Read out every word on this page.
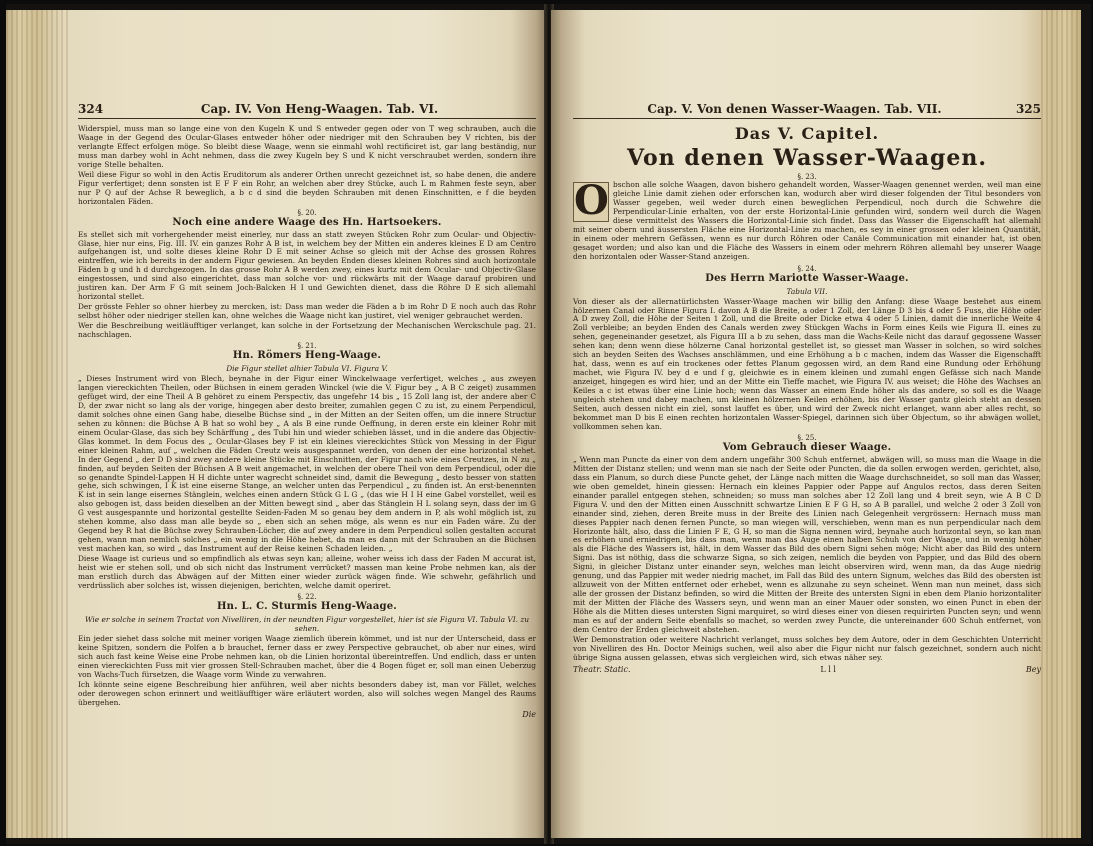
324	Cap. IV. Von Heng-Waagen. Tab. VI.

Widerspiel, muss man so lange eine von den Kugeln K und S entweder gegen oder von T weg schrauben, auch die Waage in der Gegend des Ocular-Glases entweder höher oder niedriger mit den Schrauben bey V richten, bis der verlangte Effect erfolgen möge. So bleibt diese Waage, wenn sie einmahl wohl rectificiret ist, gar lang beständig, nur muss man darbey wohl in Acht nehmen, dass die zwey Kugeln bey S und K nicht verschraubet werden, sondern ihre vorige Stelle behalten.

Weil diese Figur so wohl in den Actis Eruditorum als anderer Orthen unrecht gezeichnet ist, so habe denen, die andere Figur verfertiget; denn sonsten ist E F F ein Rohr, an welchen aber drey Stücke, auch L m Rahmen feste seyn, aber nur P Q auf der Achse R beweglich, a b c d sind die beyden Schrauben mit denen Einschnitten, e f die beyden horizontalen Fäden.

§. 20.
Noch eine andere Waage des Hn. Hartsoekers.

Es stellet sich mit vorhergehender meist einerley, nur dass an statt zweyen Stücken Rohr zum Ocular- und Objectiv-Glase, hier nur eins, Fig. III. IV. ein ganzes Rohr A B ist, in welchem bey der Mitten ein anderes kleines E D am Centro aufgehangen ist, und solte dieses kleine Rohr D E mit seiner Achse so gleich mit der Achse des grossen Rohres eintreffen, wie ich bereits in der andern Figur gewiesen. An beyden Enden dieses kleinen Rohres sind auch horizontale Fäden b g und h d durchgezogen. In das grosse Rohr A B werden zwey, eines kurtz mit dem Ocular- und Objectiv-Glase eingestossen, und sind also eingerichtet, dass man solche vor- und rückwärts mit der Waage darauf probiren und justiren kan. Der Arm F G mit seinem Joch-Balcken H I und Gewichten dienet, dass die Röhre D E sich allemahl horizontal stellet.

Der grösste Fehler so ohner hierbey zu mercken, ist: Dass man weder die Fäden a b im Rohr D E noch auch das Rohr selbst höher oder niedriger stellen kan, ohne welches die Waage nicht kan justiret, viel weniger gebrauchet werden.

Wer die Beschreibung weitläufftiger verlanget, kan solche in der Fortsetzung der Mechanischen Werckschule pag. 21. nachschlagen.

§. 21.
Hn. Römers Heng-Waage.
Die Figur stellet alhier Tabula VI. Figura V.

„ Dieses Instrument wird von Blech, beynahe in der Figur einer Winckelwaage verfertiget, welches „ aus zweyen langen viereckichten Theilen, oder Büchsen in einem geraden Winckel (wie die V. Figur bey „ A B C zeiget) zusammen gefüget wird, der eine Theil A B gehöret zu einem Perspectiv, das ungefehr 14 bis „ 15 Zoll lang ist, der andere aber C D, der zwar nicht so lang als der vorige, hingegen aber desto breiter, zumahlen gegen C zu ist, zu einem Perpendicul, damit solches ohne einen Gang habe, dieselbe Büchse sind „ in der Mitten an der Seiten offen, um die innere Structur sehen zu können: die Büchse A B hat so wohl bey „ A als B eine runde Oeffnung, in deren erste ein kleiner Rohr mit einem Ocular-Glase, das sich bey Schärffung „ des Tubi hin und wieder schieben lässet, und in die andere das Objectiv-Glas kommet. In dem Focus des „ Ocular-Glases bey F ist ein kleines viereckichtes Stück von Messing in der Figur einer kleinen Rahm, auf „ welchen die Fäden Creutz weis ausgespannet werden, von denen der eine horizontal stehet. In der Gegend „ der D D sind zwey andere kleine Stücke mit Einschnitten, der Figur nach wie eines Creutzes, in N zu „ finden, auf beyden Seiten der Büchsen A B weit angemachet, in welchen der obere Theil von dem Perpendicul, oder die so genandte Spindel-Lappen H H dichte unter wagrecht schneidet sind, damit die Bewegung „ desto besser von statten gehe, sich schwingen, I K ist eine eiserne Stange, an welcher unten das Perpendicul „ zu finden ist. An erst-benennten K ist in sein lange eisernes Stänglein, welches einen andern Stück G L G „ (das wie H I H eine Gabel vorstellet, weil es also gebogen ist, dass beiden dieselben an der Mitten bewegt sind „ aber das Stänglein H L solang seyn, dass der im G G vest ausgespannte und horizontal gestellte Seiden-Faden M so genau bey dem andern in P, als wohl möglich ist, zu stehen komme, also dass man alle beyde so „ eben sich an sehen möge, als wenn es nur ein Faden wäre. Zu der Gegend bey R hat die Büchse zwey Schrauben-Löcher, die auf zwey andere in dem Perpendicul sollen gestalten accurat gehen, wann man nemlich solches „ ein wenig in die Höhe hebet, da man es dann mit der Schrauben an die Büchsen vest machen kan, so wird „ das Instrument auf der Reise keinen Schaden leiden. „

Diese Waage ist curieus und so empfindlich als etwas seyn kan; alleine, woher weiss ich dass der Faden M accurat ist, heist wie er stehen soll, und ob sich nicht das Instrument verrücket? massen man keine Probe nehmen kan, als der man erstlich durch das Abwägen auf der Mitten einer wieder zurück wägen finde. Wie schwehr, gefährlich und verdrüsslich aber solches ist, wissen diejenigen, berichten, welche damit operiret.

§. 22.
Hn. L. C. Sturmis Heng-Waage.
Wie er solche in seinem Tractat von Nivelliren, in der neundten Figur vorgestellet, hier ist sie Figura VI. Tabula VI. zu sehen.

Ein jeder siehet dass solche mit meiner vorigen Waage ziemlich überein kömmet, und ist nur der Unterscheid, dass er keine Spitzen, sondern die Polfen a b brauchet, ferner dass er zwey Perspective gebrauchet, ob aber nur eines, wird sich auch fast keine Weise eine Probe nehmen kan, ob die Linien horizontal übereintreffen. Und endlich, dass er unten einen viereckichten Fuss mit vier grossen Stell-Schrauben machet, über die 4 Bogen füget er, soll man einen Ueberzug von Wachs-Tuch fürsetzen, die Waage vorm Winde zu verwahren.

Ich könnte seine eigene Beschreibung hier anführen, weil aber nichts besonders dabey ist, man vor Fället, welches oder derowegen schon erinnert und weitläufftiger wäre erläutert worden, also will solches wegen Mangel des Raums übergehen.

Die
Cap. V. Von denen Wasser-Waagen. Tab. VII.	325
Das V. Capitel.
Von denen Wasser-Waagen.
§. 23.
O bschon alle solche Waagen, davon bishero gehandelt worden, Wasser-Waagen genennet werden, weil man eine gleiche Linie damit ziehen oder erforschen kan, wodurch aber wird dieser folgenden der Titul besonders von Wasser gegeben, weil weder durch einen beweglichen Perpendicul, noch durch die Schwehre die Perpendicular-Linie erhalten, von der erste Horizontal-Linie gefunden wird, sondern weil durch die Wagen diese vermittelst des Wassers die Horizontal-Linie sich findet. Dass das Wasser die Eigenschafft hat allemahl mit seiner obern und äussersten Fläche eine Horizontal-Linie zu machen, es sey in einer grossen oder kleinen Quantität, in einem oder mehrern Gefässen, wenn es nur durch Röhren oder Canäle Communication mit einander hat, ist oben gesaget worden; und also kan und die Fläche des Wassers in einem oder mehrern Röhren allemahl bey unserer Waage den horizontalen oder Wasser-Stand anzeigen.

§. 24.
Des Herrn Mariotte Wasser-Waage.
Tabula VII.

Von dieser als der allernatürlichsten Wasser-Waage machen wir billig den Anfang: diese Waage bestehet aus einem hölzernen Canal oder Rinne Figura I. davon A B die Breite, a oder 1 Zoll, der Länge D 3 bis 4 oder 5 Fuss, die Höhe oder A D zwey Zoll, die Höhe der Seiten 1 Zoll, und die Breite oder Dicke etwa 4 oder 5 Linien, damit die innerliche Weite 4 Zoll verbleibe; an beyden Enden des Canals werden zwey Stückgen Wachs in Form eines Keils wie Figura II. eines zu sehen, gegeneinander gesetzet, als Figura III a b zu sehen, dass man die Wachs-Keile nicht das darauf gegossene Wasser sehen kan; denn wenn diese hölzerne Canal horizontal gestellet ist, so giesset man Wasser in solchen, so wird solches sich an beyden Seiten des Wachses anschlämmen, und eine Erhöhung a b c machen, indem das Wasser die Eigenschafft hat, dass, wenn es auf ein trockenes oder fettes Planum gegossen wird, an dem Rand eine Rundung oder Erhöhung machet, wie Figura IV. bey d e und f g, gleichwie es in einem kleinen und zumahl engen Gefässe sich nach Mande anzeiget, hingegen es wird hier, und an der Mitte ein Tieffe machet, wie Figura IV. aus weiset; die Höhe des Wachses an Keiles a c ist etwas über eine Linie hoch; wenn das Wasser an einem Ende höher als das andere, so soll es die Waage ungleich stehen und dabey machen, um kleinen hölzernen Keilen erhöhen, bis der Wasser gantz gleich steht an dessen Seiten, auch dessen nicht ein ziel, sonst lauffet es über, und wird der Zweck nicht erlanget, wann aber alles recht, so bekommet man D bis E einen rechten horizontalen Wasser-Spiegel, darinnen sich über Objectum, so ihr abwägen wollet, vollkommen sehen kan.

§. 25.
Vom Gebrauch dieser Waage.

„ Wenn man Puncte da einer von dem andern ungefähr 300 Schuh entfernet, abwägen will, so muss man die Waage in die Mitten der Distanz stellen; und wenn man sie nach der Seite oder Puncten, die da sollen erwogen werden, gerichtet, also, dass ein Planum, so durch diese Puncte gehet, der Länge nach mitten die Waage durchschneidet, so soll man das Wasser, wie oben gemeldet, hinein giessen: Hernach ein kleines Pappier oder Pappe auf Angulos rectos, dass deren Seiten einander parallel entgegen stehen, schneiden; so muss man solches aber 12 Zoll lang und 4 breit seyn, wie A B C D Figura V. und den der Mitten einen Ausschnitt schwartze Linien E F G H, so A B parallel, und welche 2 oder 3 Zoll von einander sind, ziehen, deren Breite muss in der Breite des Linien nach Gelegenheit vergrössern: Hernach muss man dieses Pappier nach denen fernen Puncte, so man wiegen will, verschieben, wenn man es nun perpendicular nach dem Horizonte hält, also, dass die Linien F E, G H, so man die Signa nennen wird, beynahe auch horizontal seyn, so kan man es erhöhen und erniedrigen, bis dass man, wenn man das Auge einen halben Schuh von der Waage, und in wenig höher als die Fläche des Wassers ist, hält, in dem Wasser das Bild des obern Signi sehen möge; Nicht aber das Bild des untern Signi. Das ist nöthig, dass die schwarze Signa, so sich zeigen, nemlich die beyden von Pappier, und das Bild des obern Signi, in gleicher Distanz unter einander seyn, welches man leicht observiren wird, wenn man, da das Auge niedrig genung, und das Pappier mit weder niedrig machet, im Fall das Bild des untern Signum, welches das Bild des obersten ist allzuweit von der Mitten entfernet oder erhebet, wenn es allzunahe zu seyn scheinet. Wenn man nun meinet, dass sich alle der grossen der Distanz befinden, so wird die Mitten der Breite des untersten Signi in eben dem Planio horizontaliter mit der Mitten der Fläche des Wassers seyn, und wenn man an einer Mauer oder sonsten, wo einen Punct in eben der Höhe als die Mitten dieses untersten Signi marquiret, so wird dieses einer von diesen requirirten Puncten seyn; und wenn man es auf der andern Seite ebenfalls so machet, so werden zwey Puncte, die untereinander 600 Schuh entfernet, von dem Centro der Erden gleichweit abstehen.

Wer Demonstration oder weitere Nachricht verlanget, muss solches bey dem Autore, oder in dem Geschichten Unterricht von Nivelliren des Hn. Doctor Meinigs suchen, weil also aber die Figur nicht nur falsch gezeichnet, sondern auch nicht übrige Signa aussen gelassen, etwas sich vergleichen wird, sich etwas näher sey.

Theatr. Static.	L l l	Bey
